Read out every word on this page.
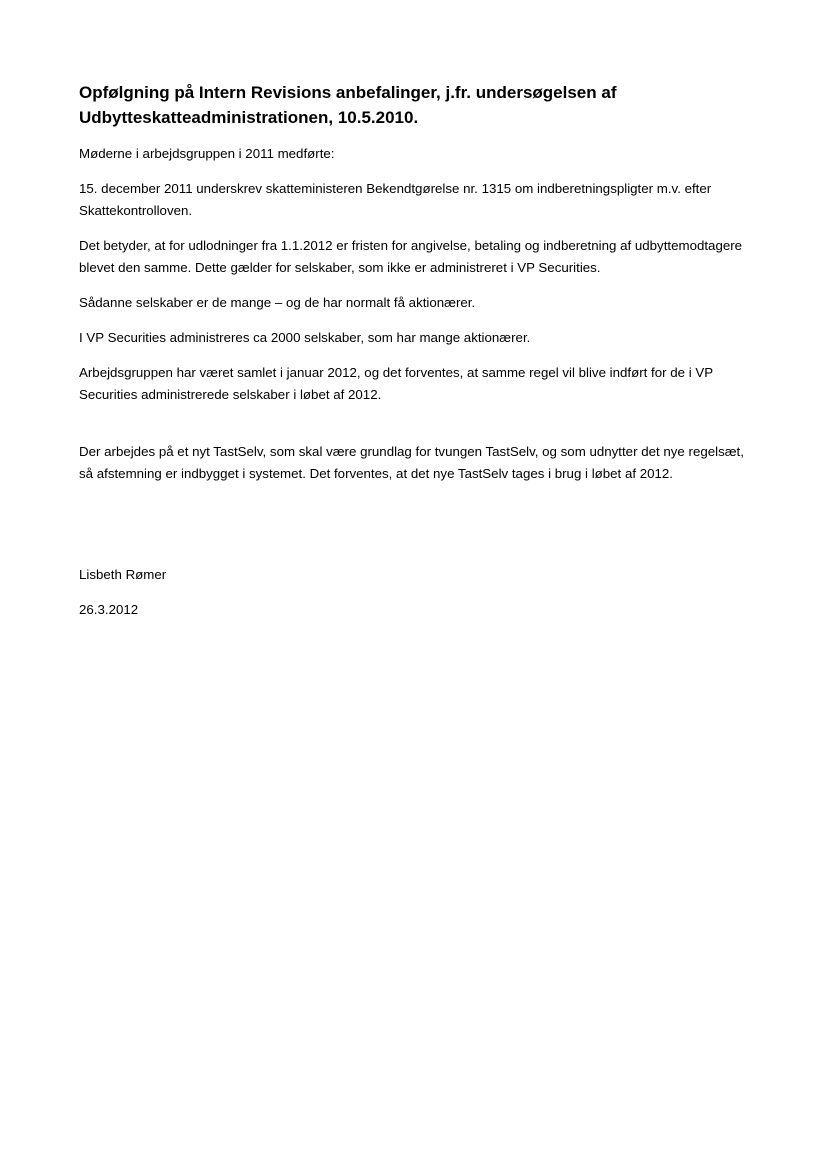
Opfølgning på Intern Revisions anbefalinger, j.fr. undersøgelsen af
Udbytteskatteadministrationen, 10.5.2010.

Møderne i arbejdsgruppen i 2011 medførte:

15. december 2011 underskrev skatteministeren Bekendtgørelse nr. 1315 om indberetningspligter m.v. efter Skattekontrolloven.

Det betyder, at for udlodninger fra 1.1.2012 er fristen for angivelse, betaling og indberetning af udbyttemodtagere blevet den samme. Dette gælder for selskaber, som ikke er administreret i VP Securities.

Sådanne selskaber er de mange – og de har normalt få aktionærer.

I VP Securities administreres ca 2000 selskaber, som har mange aktionærer.

Arbejdsgruppen har været samlet i januar 2012, og det forventes, at samme regel vil blive indført for de i VP Securities administrerede selskaber i løbet af 2012.

Der arbejdes på et nyt TastSelv, som skal være grundlag for tvungen TastSelv, og som udnytter det nye regelsæt, så afstemning er indbygget i systemet. Det forventes, at det nye TastSelv tages i brug i løbet af 2012.

Lisbeth Rømer

26.3.2012
